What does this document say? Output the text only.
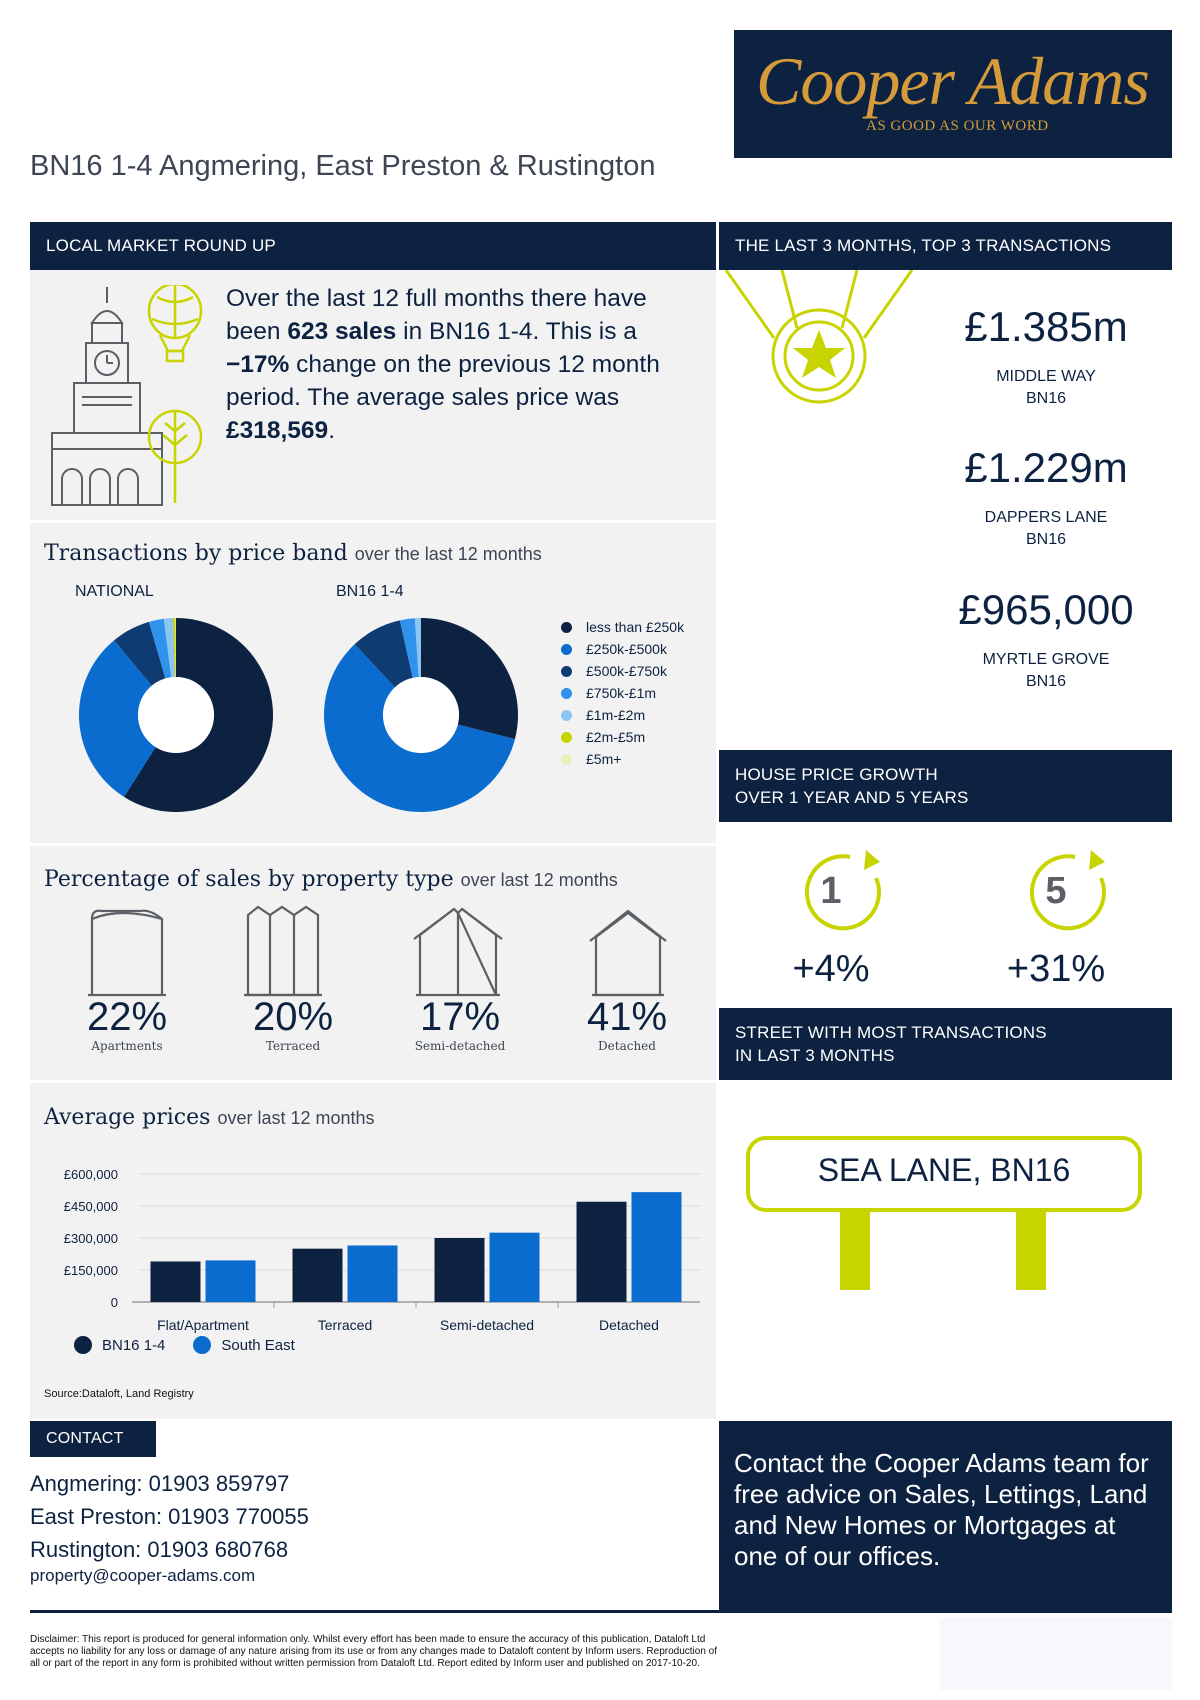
Cooper Adams
AS GOOD AS OUR WORD
BN16 1-4 Angmering, East Preston & Rustington
LOCAL MARKET ROUND UP
Over the last 12 full months there have been 623 sales in BN16 1-4. This is a −17% change on the previous 12 month period. The average sales price was £318,569.
Transactions by price band over the last 12 months
NATIONAL	BN16 1-4
less than £250k
£250k-£500k
£500k-£750k
£750k-£1m
£1m-£2m
£2m-£5m
£5m+
Percentage of sales by property type over last 12 months
22%
Apartments
20%
Terraced
17%
Semi-detached
41%
Detached
Average prices over last 12 months
£600,000
£450,000
£300,000
£150,000
0
Flat/Apartment	Terraced	Semi-detached	Detached
BN16 1-4	South East
Source:Dataloft, Land Registry
CONTACT
Angmering: 01903 859797
East Preston: 01903 770055
Rustington: 01903 680768
property@cooper-adams.com
THE LAST 3 MONTHS, TOP 3 TRANSACTIONS
£1.385m
MIDDLE WAY
BN16
£1.229m
DAPPERS LANE
BN16
£965,000
MYRTLE GROVE
BN16
HOUSE PRICE GROWTH
OVER 1 YEAR AND 5 YEARS
1	5
+4%	+31%
STREET WITH MOST TRANSACTIONS
IN LAST 3 MONTHS
SEA LANE, BN16
Contact the Cooper Adams team for free advice on Sales, Lettings, Land and New Homes or Mortgages at one of our offices.
Disclaimer: This report is produced for general information only. Whilst every effort has been made to ensure the accuracy of this publication, Dataloft Ltd accepts no liability for any loss or damage of any nature arising from its use or from any changes made to Dataloft content by Inform users. Reproduction of all or part of the report in any form is prohibited without written permission from Dataloft Ltd. Report edited by Inform user and published on 2017-10-20.
